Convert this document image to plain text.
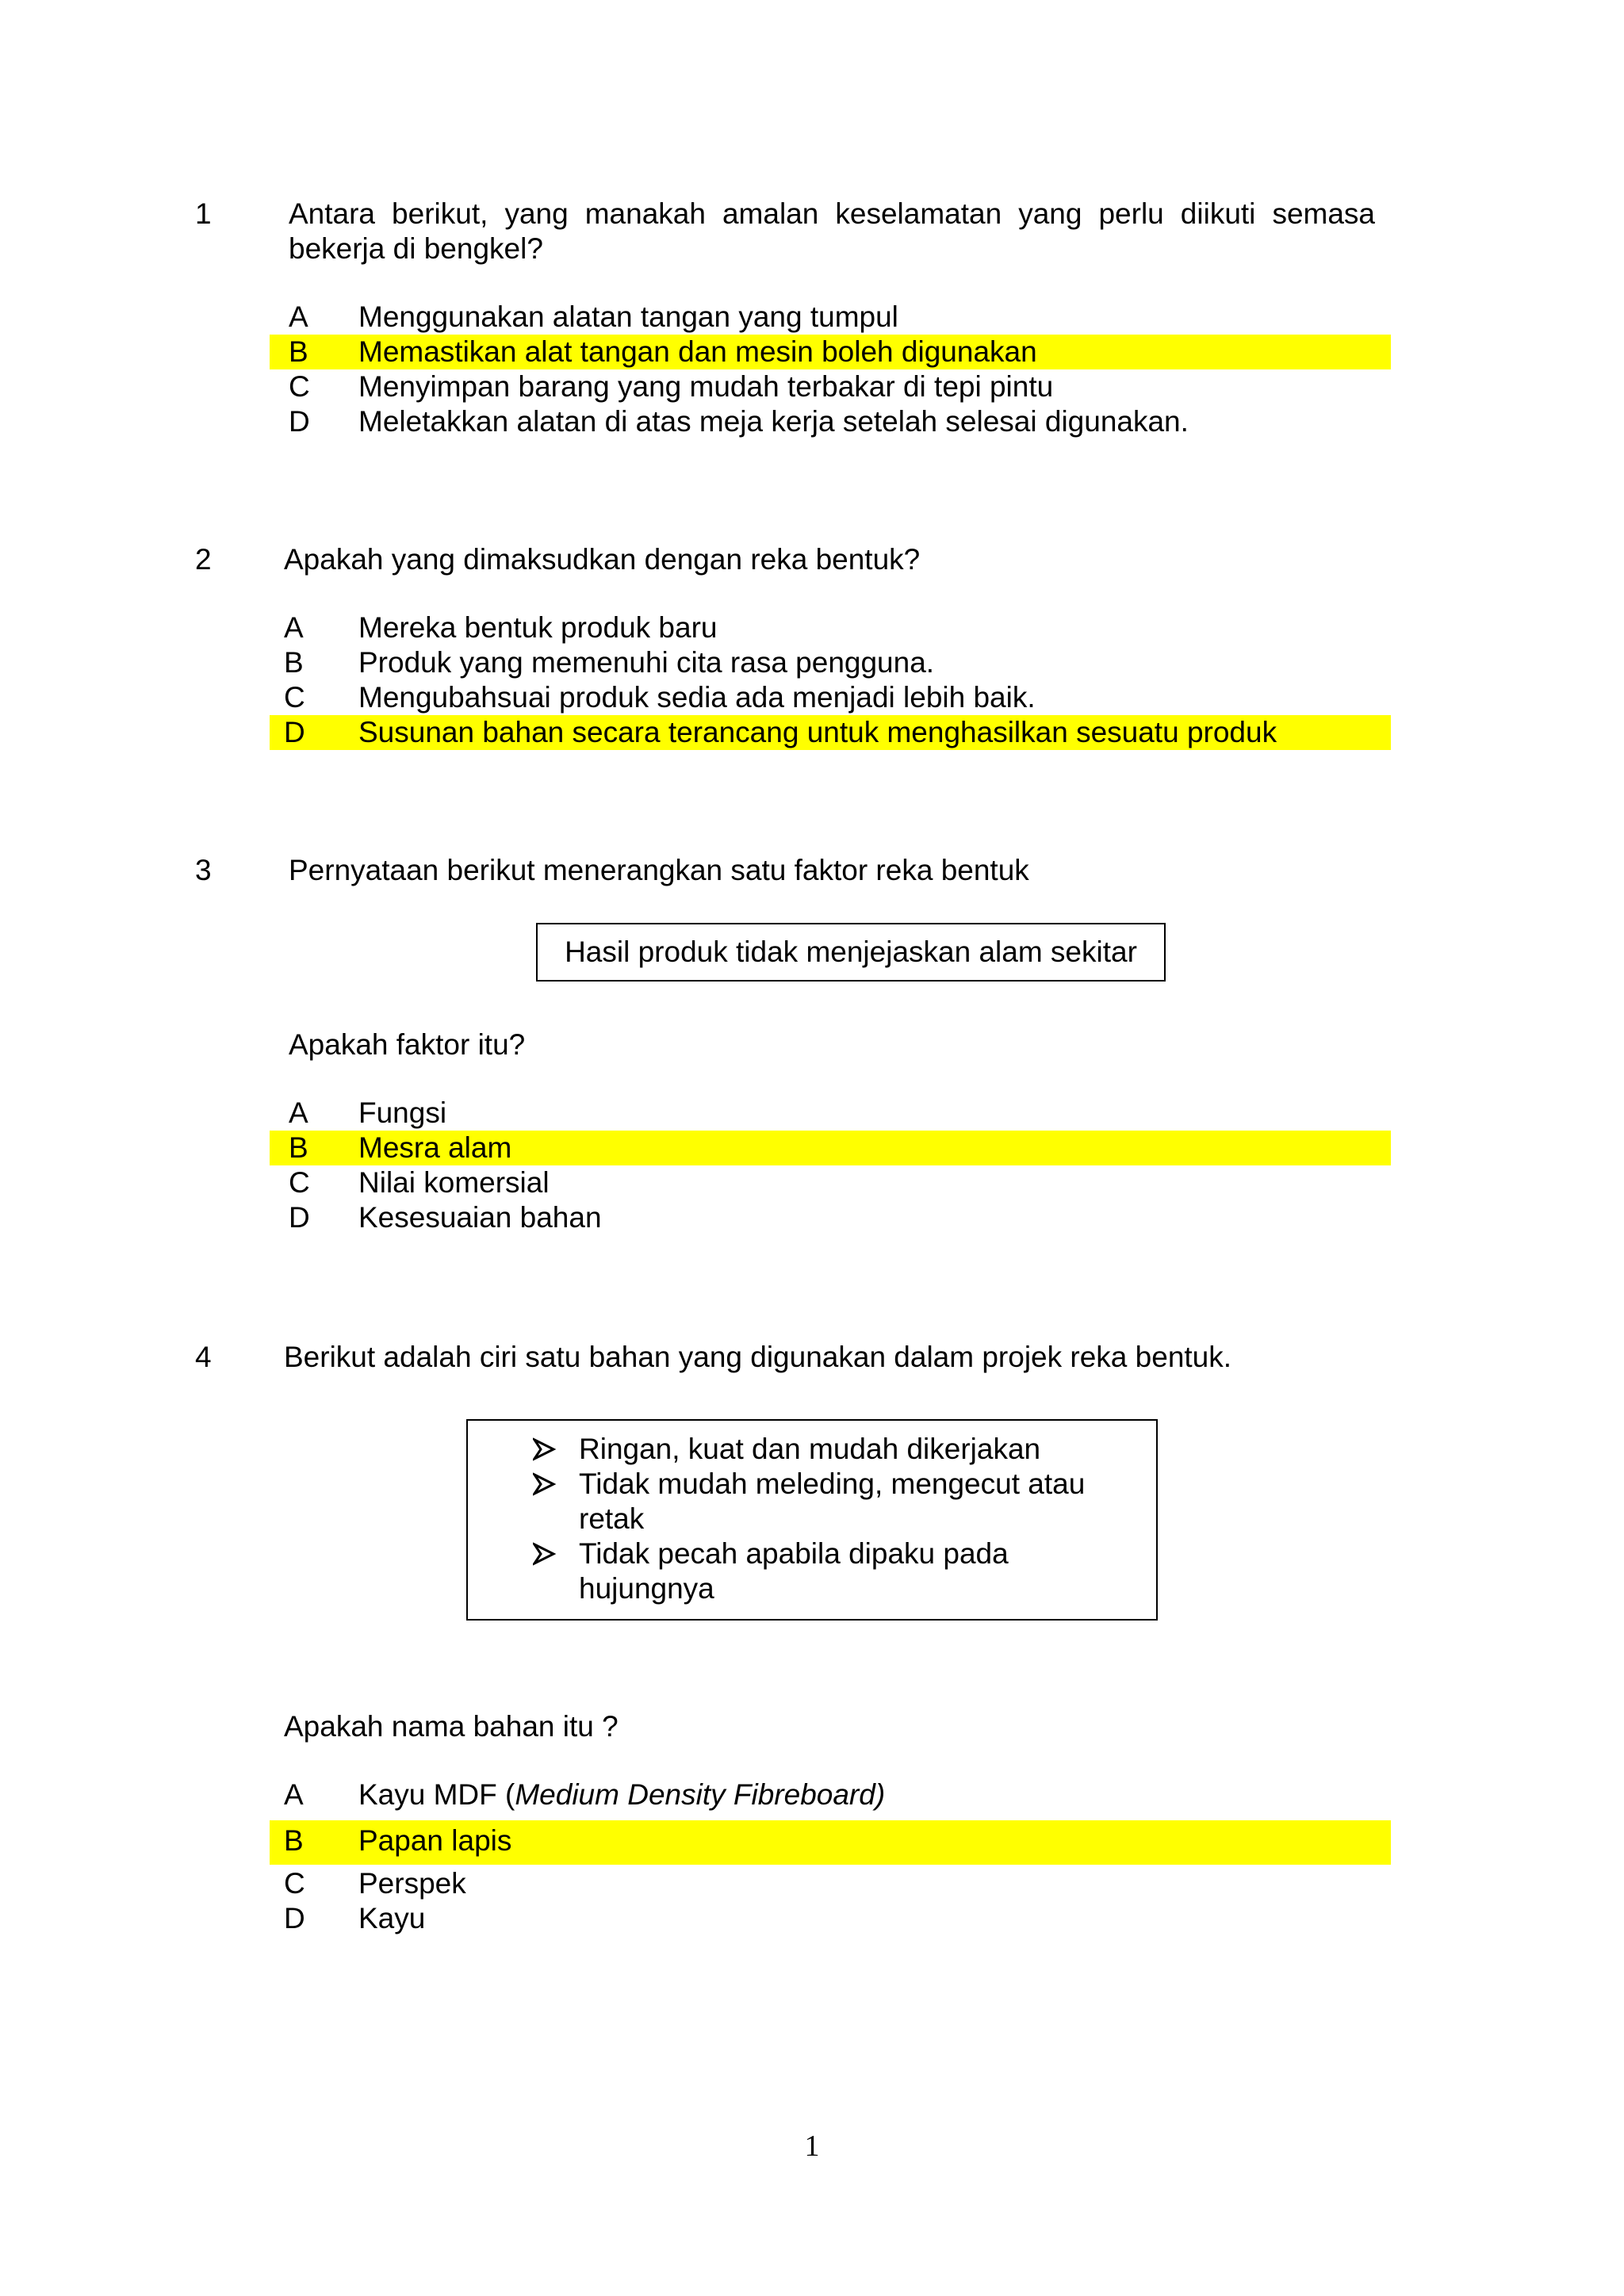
1	Antara berikut, yang manakah amalan keselamatan yang perlu diikuti semasa
bekerja di bengkel?
A Menggunakan alatan tangan yang tumpul
B Memastikan alat tangan dan mesin boleh digunakan
C Menyimpan barang yang mudah terbakar di tepi pintu
D Meletakkan alatan di atas meja kerja setelah selesai digunakan.
2 Apakah yang dimaksudkan dengan reka bentuk?
A Mereka bentuk produk baru
B Produk yang memenuhi cita rasa pengguna.
C Mengubahsuai produk sedia ada menjadi lebih baik.
D Susunan bahan secara terancang untuk menghasilkan sesuatu produk
3	Pernyataan berikut menerangkan satu faktor reka bentuk
Hasil produk tidak menjejaskan alam sekitar
Apakah faktor itu?
A Fungsi
B Mesra alam
C Nilai komersial
D Kesesuaian bahan
4 Berikut adalah ciri satu bahan yang digunakan dalam projek reka bentuk.
Ringan, kuat dan mudah dikerjakan
Tidak mudah meleding, mengecut atau retak
Tidak pecah apabila dipaku pada hujungnya
Apakah nama bahan itu ?
A Kayu MDF (Medium Density Fibreboard)
B Papan lapis
C Perspek
D Kayu
1
